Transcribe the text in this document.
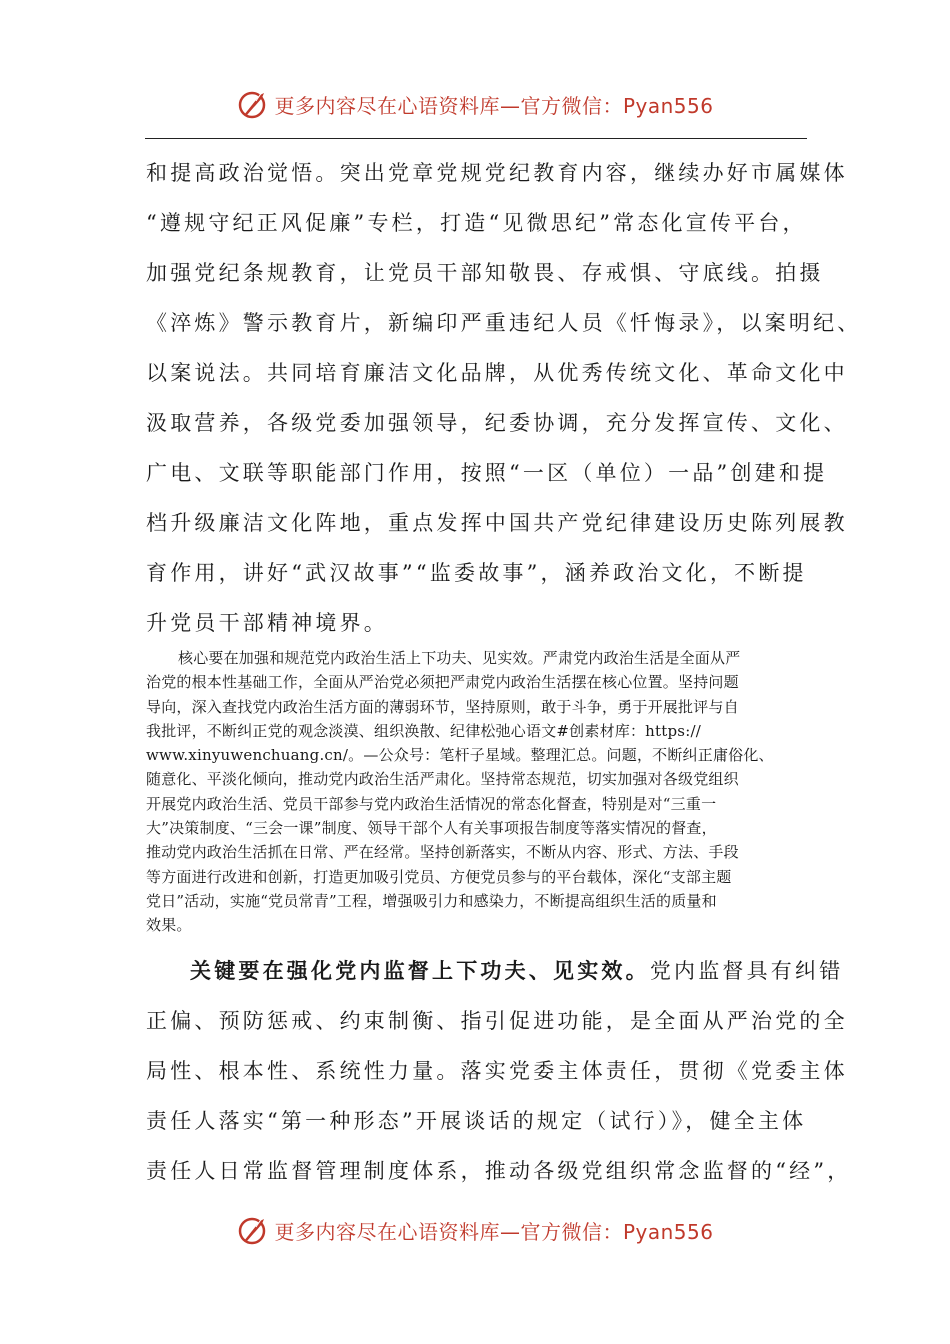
更多内容尽在心语资料库—官方微信：Pyan556
和提高政治觉悟。突出党章党规党纪教育内容，继续办好市属媒体
“遵规守纪正风促廉”专栏，打造“见微思纪”常态化宣传平台，
加强党纪条规教育，让党员干部知敬畏、存戒惧、守底线。拍摄
《淬炼》警示教育片，新编印严重违纪人员《忏悔录》，以案明纪、
以案说法。共同培育廉洁文化品牌，从优秀传统文化、革命文化中
汲取营养，各级党委加强领导，纪委协调，充分发挥宣传、文化、
广电、文联等职能部门作用，按照“一区（单位）一品”创建和提
档升级廉洁文化阵地，重点发挥中国共产党纪律建设历史陈列展教
育作用，讲好“武汉故事”“监委故事”，涵养政治文化，不断提
升党员干部精神境界。
核心要在加强和规范党内政治生活上下功夫、见实效。严肃党内政治生活是全面从严
治党的根本性基础工作，全面从严治党必须把严肃党内政治生活摆在核心位置。坚持问题
导向，深入查找党内政治生活方面的薄弱环节，坚持原则，敢于斗争，勇于开展批评与自
我批评，不断纠正党的观念淡漠、组织涣散、纪律松弛心语文#创素材库：https://
www.xinyuwenchuang.cn/。—公众号：笔杆子星域。整理汇总。问题，不断纠正庸俗化、
随意化、平淡化倾向，推动党内政治生活严肃化。坚持常态规范，切实加强对各级党组织
开展党内政治生活、党员干部参与党内政治生活情况的常态化督查，特别是对“三重一
大”决策制度、“三会一课”制度、领导干部个人有关事项报告制度等落实情况的督查，
推动党内政治生活抓在日常、严在经常。坚持创新落实，不断从内容、形式、方法、手段
等方面进行改进和创新，打造更加吸引党员、方便党员参与的平台载体，深化“支部主题
党日”活动，实施“党员常青”工程，增强吸引力和感染力，不断提高组织生活的质量和
效果。
关键要在强化党内监督上下功夫、见实效。党内监督具有纠错
正偏、预防惩戒、约束制衡、指引促进功能，是全面从严治党的全
局性、根本性、系统性力量。落实党委主体责任，贯彻《党委主体
责任人落实“第一种形态”开展谈话的规定（试行）》，健全主体
责任人日常监督管理制度体系，推动各级党组织常念监督的“经”，
更多内容尽在心语资料库—官方微信：Pyan556
